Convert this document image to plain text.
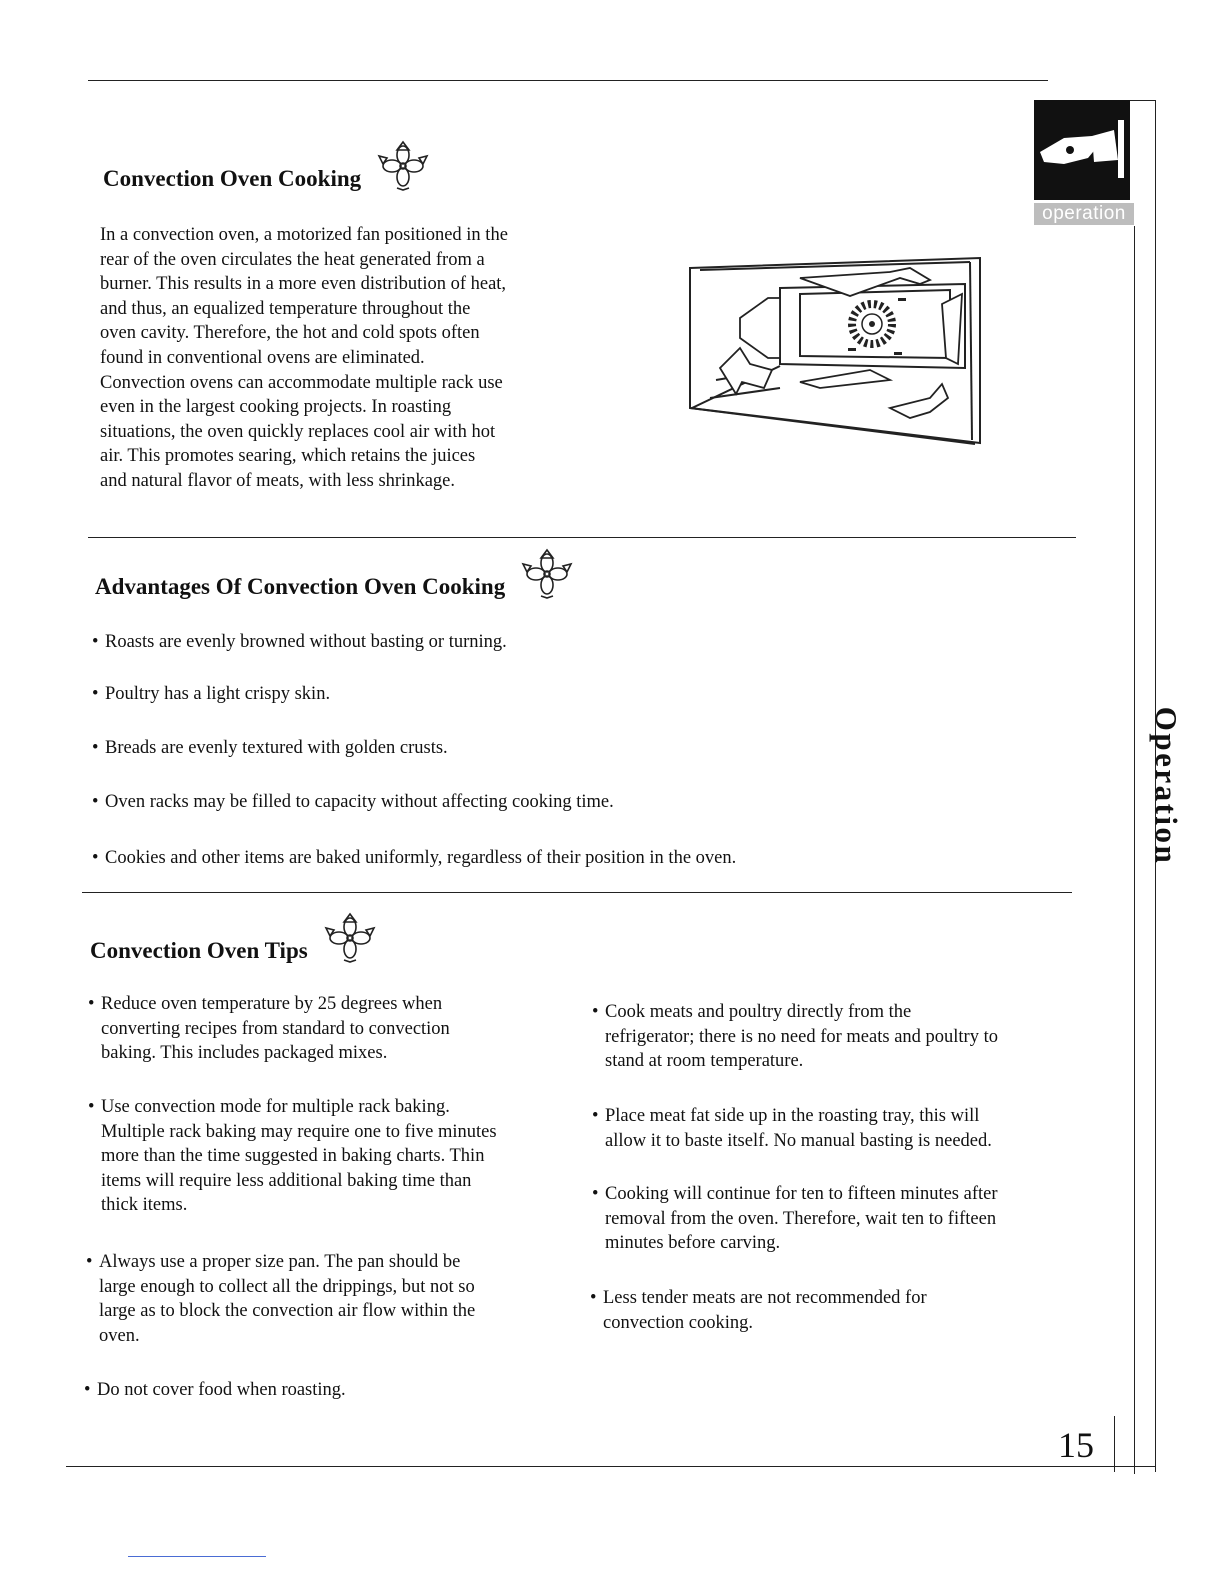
operation
Operation
Convection Oven Cooking
In a convection oven, a motorized fan positioned in the
rear of the oven circulates the heat generated from a
burner. This results in a more even distribution of heat,
and thus, an equalized temperature throughout the
oven cavity. Therefore, the hot and cold spots often
found in conventional ovens are eliminated.
Convection ovens can accommodate multiple rack use
even in the largest cooking projects. In roasting
situations, the oven quickly replaces cool air with hot
air. This promotes searing, which retains the juices
and natural flavor of meats, with less shrinkage.
Advantages Of Convection Oven Cooking
• Roasts are evenly browned without basting or turning.
• Poultry has a light crispy skin.
• Breads are evenly textured with golden crusts.
• Oven racks may be filled to capacity without affecting cooking time.
• Cookies and other items are baked uniformly, regardless of their position in the oven.
Convection Oven Tips
• Reduce oven temperature by 25 degrees when
converting recipes from standard to convection
baking. This includes packaged mixes.
• Use convection mode for multiple rack baking.
Multiple rack baking may require one to five minutes
more than the time suggested in baking charts. Thin
items will require less additional baking time than
thick items.
• Always use a proper size pan. The pan should be
large enough to collect all the drippings, but not so
large as to block the convection air flow within the
oven.
• Do not cover food when roasting.
• Cook meats and poultry directly from the
refrigerator; there is no need for meats and poultry to
stand at room temperature.
• Place meat fat side up in the roasting tray, this will
allow it to baste itself. No manual basting is needed.
• Cooking will continue for ten to fifteen minutes after
removal from the oven. Therefore, wait ten to fifteen
minutes before carving.
• Less tender meats are not recommended for
convection cooking.
15
